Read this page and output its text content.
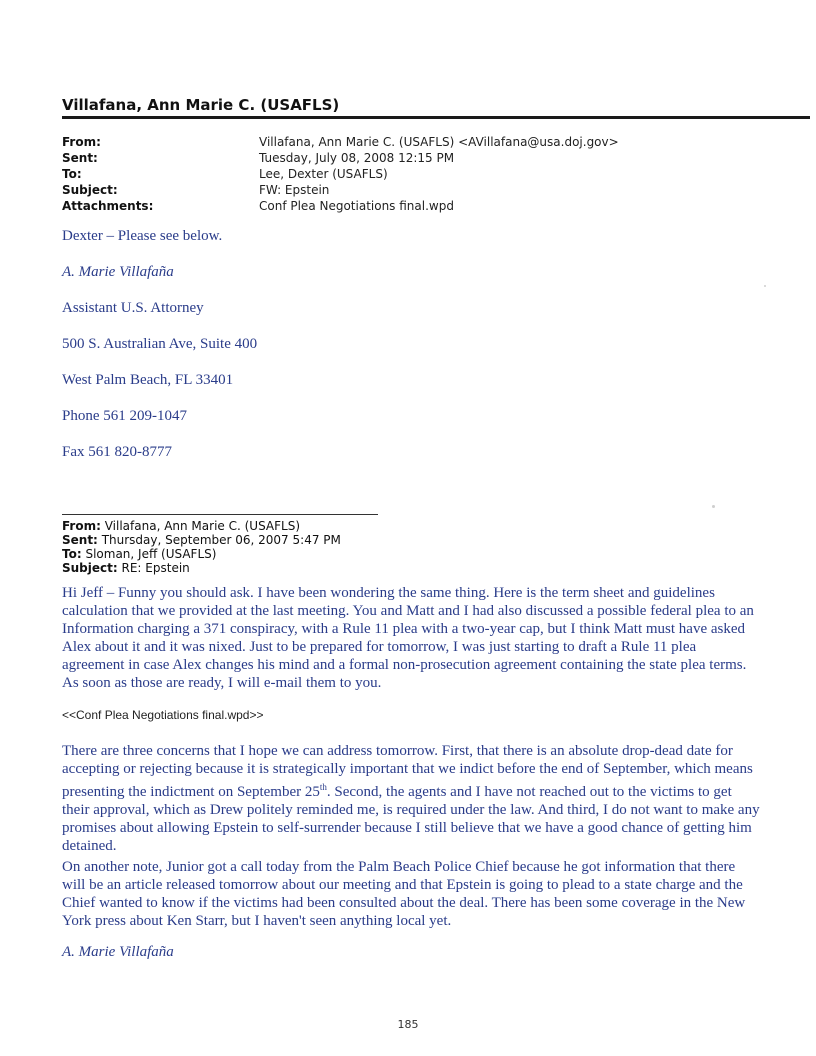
Villafana, Ann Marie C. (USAFLS)
From:	Villafana, Ann Marie C. (USAFLS) <AVillafana@usa.doj.gov>
Sent:	Tuesday, July 08, 2008 12:15 PM
To:	Lee, Dexter (USAFLS)
Subject:	FW: Epstein
Attachments:	Conf Plea Negotiations final.wpd
Dexter – Please see below.
A. Marie Villafaña
Assistant U.S. Attorney
500 S. Australian Ave, Suite 400
West Palm Beach, FL 33401
Phone 561 209-1047
Fax 561 820-8777
From: Villafana, Ann Marie C. (USAFLS)
Sent: Thursday, September 06, 2007 5:47 PM
To: Sloman, Jeff (USAFLS)
Subject: RE: Epstein

Hi Jeff – Funny you should ask. I have been wondering the same thing. Here is the term sheet and guidelines calculation that we provided at the last meeting. You and Matt and I had also discussed a possible federal plea to an Information charging a 371 conspiracy, with a Rule 11 plea with a two-year cap, but I think Matt must have asked Alex about it and it was nixed. Just to be prepared for tomorrow, I was just starting to draft a Rule 11 plea agreement in case Alex changes his mind and a formal non-prosecution agreement containing the state plea terms. As soon as those are ready, I will e-mail them to you.

<<Conf Plea Negotiations final.wpd>>

There are three concerns that I hope we can address tomorrow. First, that there is an absolute drop-dead date for accepting or rejecting because it is strategically important that we indict before the end of September, which means presenting the indictment on September 25th. Second, the agents and I have not reached out to the victims to get their approval, which as Drew politely reminded me, is required under the law. And third, I do not want to make any promises about allowing Epstein to self-surrender because I still believe that we have a good chance of getting him detained.

On another note, Junior got a call today from the Palm Beach Police Chief because he got information that there will be an article released tomorrow about our meeting and that Epstein is going to plead to a state charge and the Chief wanted to know if the victims had been consulted about the deal. There has been some coverage in the New York press about Ken Starr, but I haven't seen anything local yet.

A. Marie Villafaña
185
